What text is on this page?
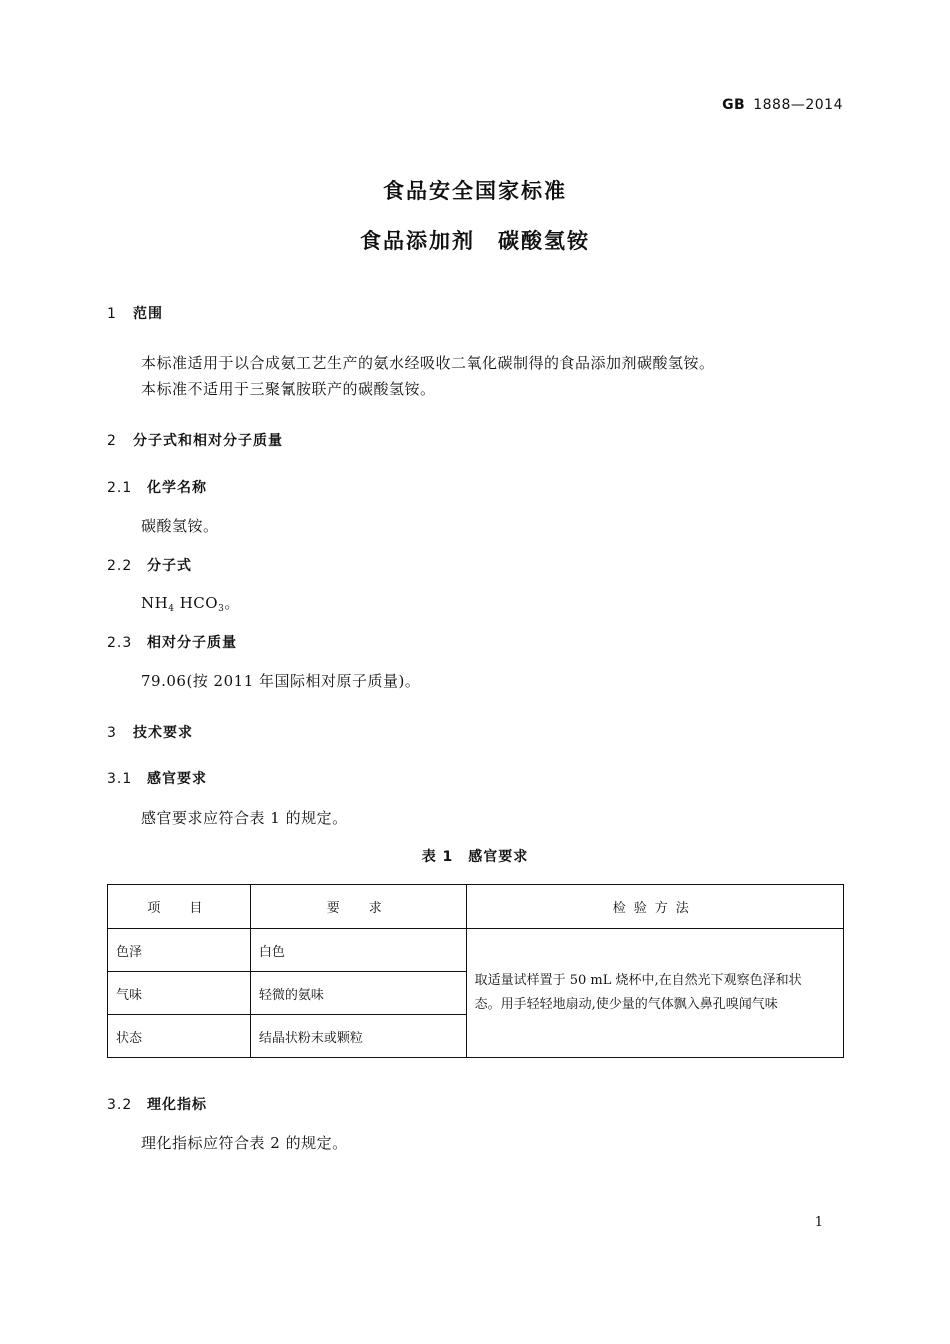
GB 1888—2014
食品安全国家标准
食品添加剂　碳酸氢铵
1 范围
本标准适用于以合成氨工艺生产的氨水经吸收二氧化碳制得的食品添加剂碳酸氢铵。
本标准不适用于三聚氰胺联产的碳酸氢铵。
2 分子式和相对分子质量
2.1 化学名称
碳酸氢铵。
2.2 分子式
$NH_4$ $HCO_3$。
2.3 相对分子质量
79.06(按 2011 年国际相对原子质量)。
3 技术要求
3.1 感官要求
感官要求应符合表 1 的规定。
表 1　感官要求
项　目	要　求	检验方法
色泽	白色	取适量试样置于 50 mL 烧杯中,在自然光下观察色泽和状
态。用手轻轻地扇动,使少量的气体飘入鼻孔嗅闻气味

气味	轻微的氨味	
状态	结晶状粉末或颗粒	
3.2 理化指标
理化指标应符合表 2 的规定。
1
